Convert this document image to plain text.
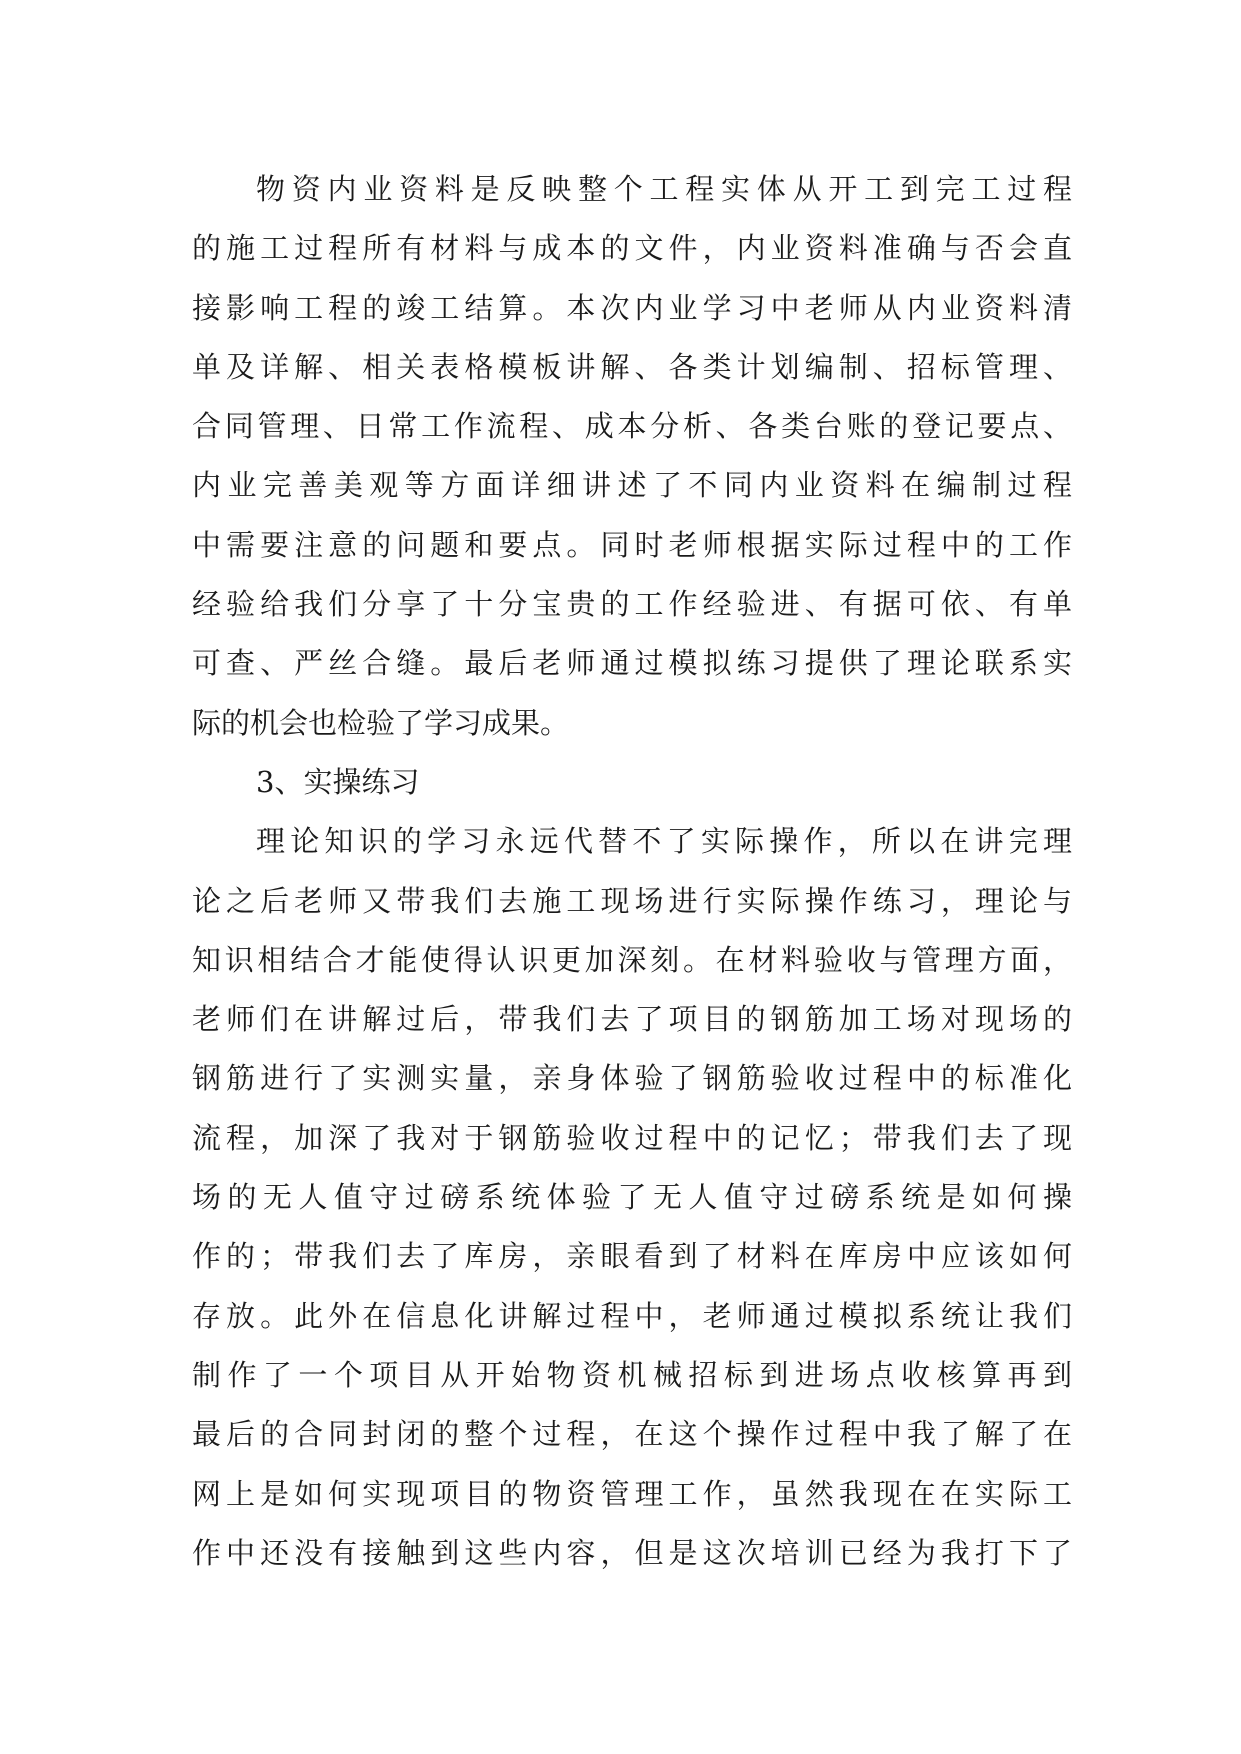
物资内业资料是反映整个工程实体从开工到完工过程
的施工过程所有材料与成本的文件，内业资料准确与否会直
接影响工程的竣工结算。本次内业学习中老师从内业资料清
单及详解、相关表格模板讲解、各类计划编制、招标管理、
合同管理、日常工作流程、成本分析、各类台账的登记要点、
内业完善美观等方面详细讲述了不同内业资料在编制过程
中需要注意的问题和要点。同时老师根据实际过程中的工作
经验给我们分享了十分宝贵的工作经验进、有据可依、有单
可查、严丝合缝。最后老师通过模拟练习提供了理论联系实
际的机会也检验了学习成果。
3、实操练习
理论知识的学习永远代替不了实际操作，所以在讲完理
论之后老师又带我们去施工现场进行实际操作练习，理论与
知识相结合才能使得认识更加深刻。在材料验收与管理方面，
老师们在讲解过后，带我们去了项目的钢筋加工场对现场的
钢筋进行了实测实量，亲身体验了钢筋验收过程中的标准化
流程，加深了我对于钢筋验收过程中的记忆；带我们去了现
场的无人值守过磅系统体验了无人值守过磅系统是如何操
作的；带我们去了库房，亲眼看到了材料在库房中应该如何
存放。此外在信息化讲解过程中，老师通过模拟系统让我们
制作了一个项目从开始物资机械招标到进场点收核算再到
最后的合同封闭的整个过程，在这个操作过程中我了解了在
网上是如何实现项目的物资管理工作，虽然我现在在实际工
作中还没有接触到这些内容，但是这次培训已经为我打下了
